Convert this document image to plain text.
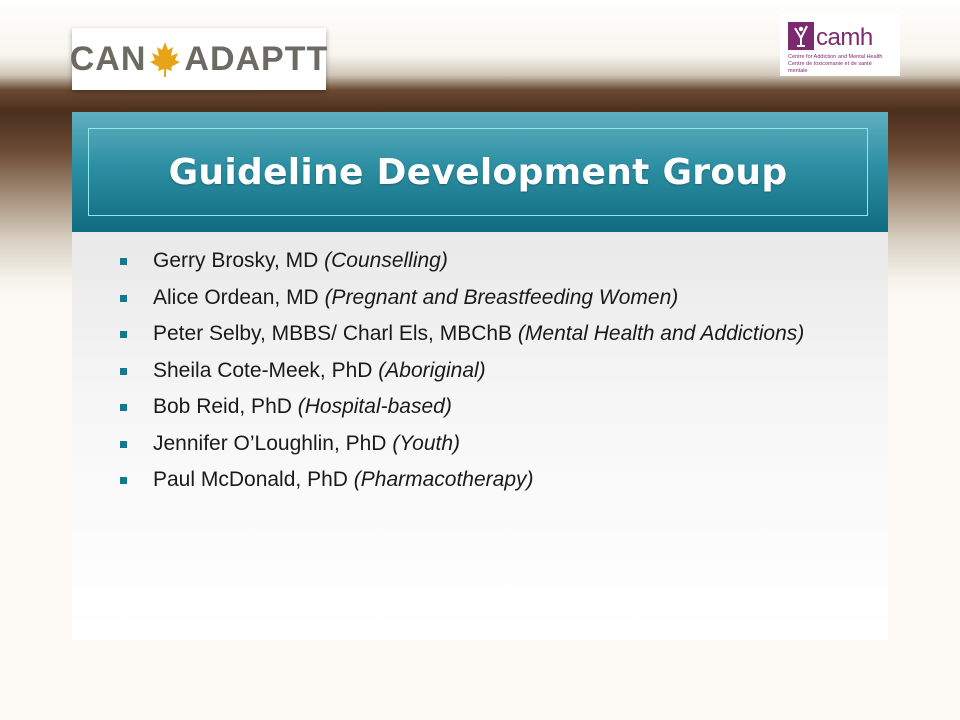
CAN ADAPTT
camh
Centre for Addiction and Mental Health
Centre de toxicomanie et de santé mentale
Guideline Development Group
Gerry Brosky, MD (Counselling)
Alice Ordean, MD (Pregnant and Breastfeeding Women)
Peter Selby, MBBS/ Charl Els, MBChB (Mental Health and Addictions)
Sheila Cote-Meek, PhD (Aboriginal)
Bob Reid, PhD (Hospital-based)
Jennifer O’Loughlin, PhD (Youth)
Paul McDonald, PhD (Pharmacotherapy)
